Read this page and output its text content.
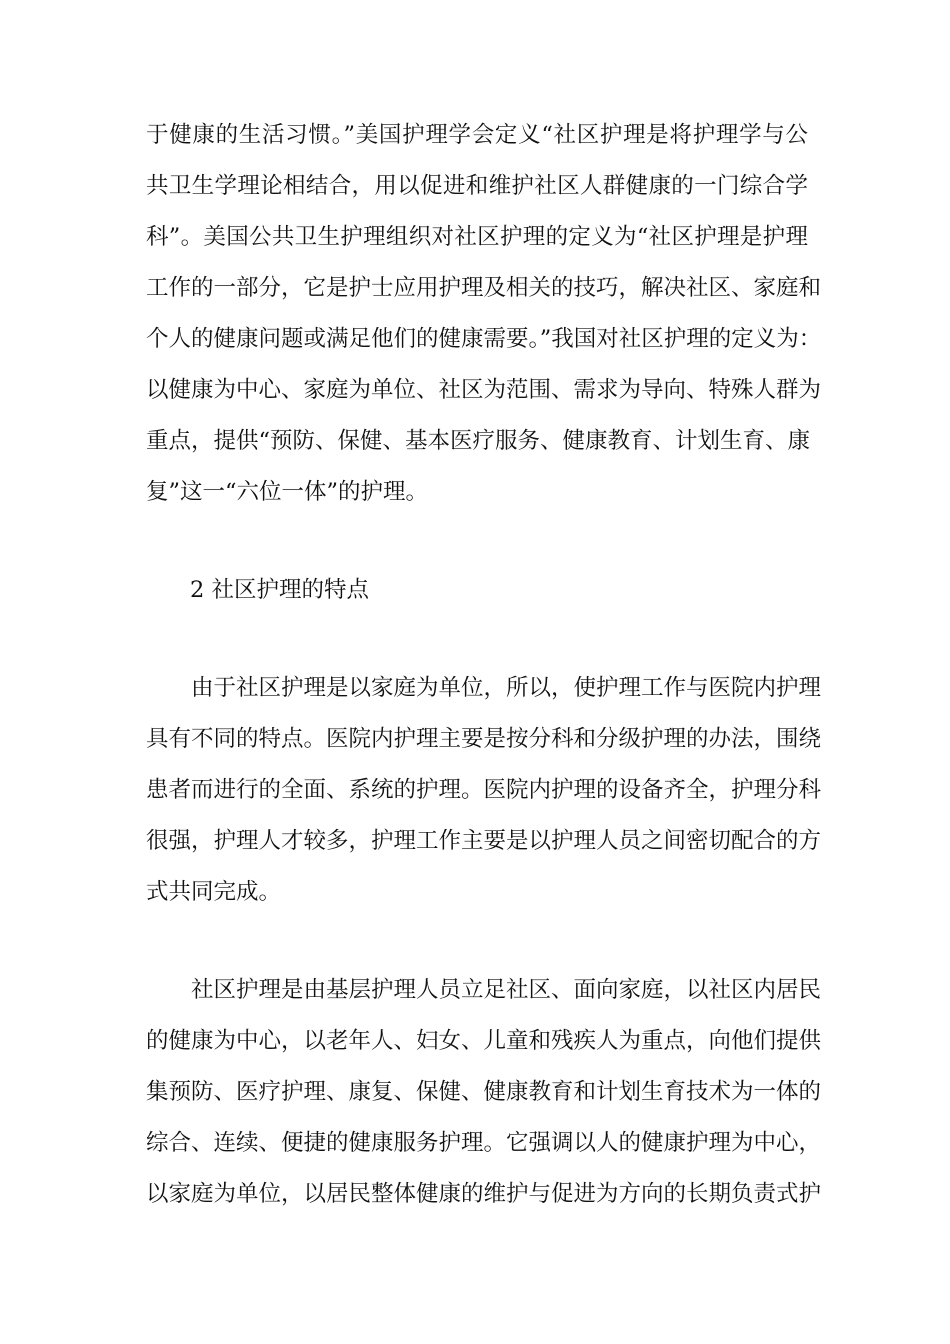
于健康的生活习惯。”美国护理学会定义“社区护理是将护理学与公
共卫生学理论相结合，用以促进和维护社区人群健康的一门综合学
科”。美国公共卫生护理组织对社区护理的定义为“社区护理是护理
工作的一部分，它是护士应用护理及相关的技巧，解决社区、家庭和
个人的健康问题或满足他们的健康需要。”我国对社区护理的定义为：
以健康为中心、家庭为单位、社区为范围、需求为导向、特殊人群为
重点，提供“预防、保健、基本医疗服务、健康教育、计划生育、康
复”这一“六位一体”的护理。
2 社区护理的特点
由于社区护理是以家庭为单位，所以，使护理工作与医院内护理
具有不同的特点。医院内护理主要是按分科和分级护理的办法，围绕
患者而进行的全面、系统的护理。医院内护理的设备齐全，护理分科
很强，护理人才较多，护理工作主要是以护理人员之间密切配合的方
式共同完成。
社区护理是由基层护理人员立足社区、面向家庭，以社区内居民
的健康为中心，以老年人、妇女、儿童和残疾人为重点，向他们提供
集预防、医疗护理、康复、保健、健康教育和计划生育技术为一体的
综合、连续、便捷的健康服务护理。它强调以人的健康护理为中心，
以家庭为单位，以居民整体健康的维护与促进为方向的长期负责式护
